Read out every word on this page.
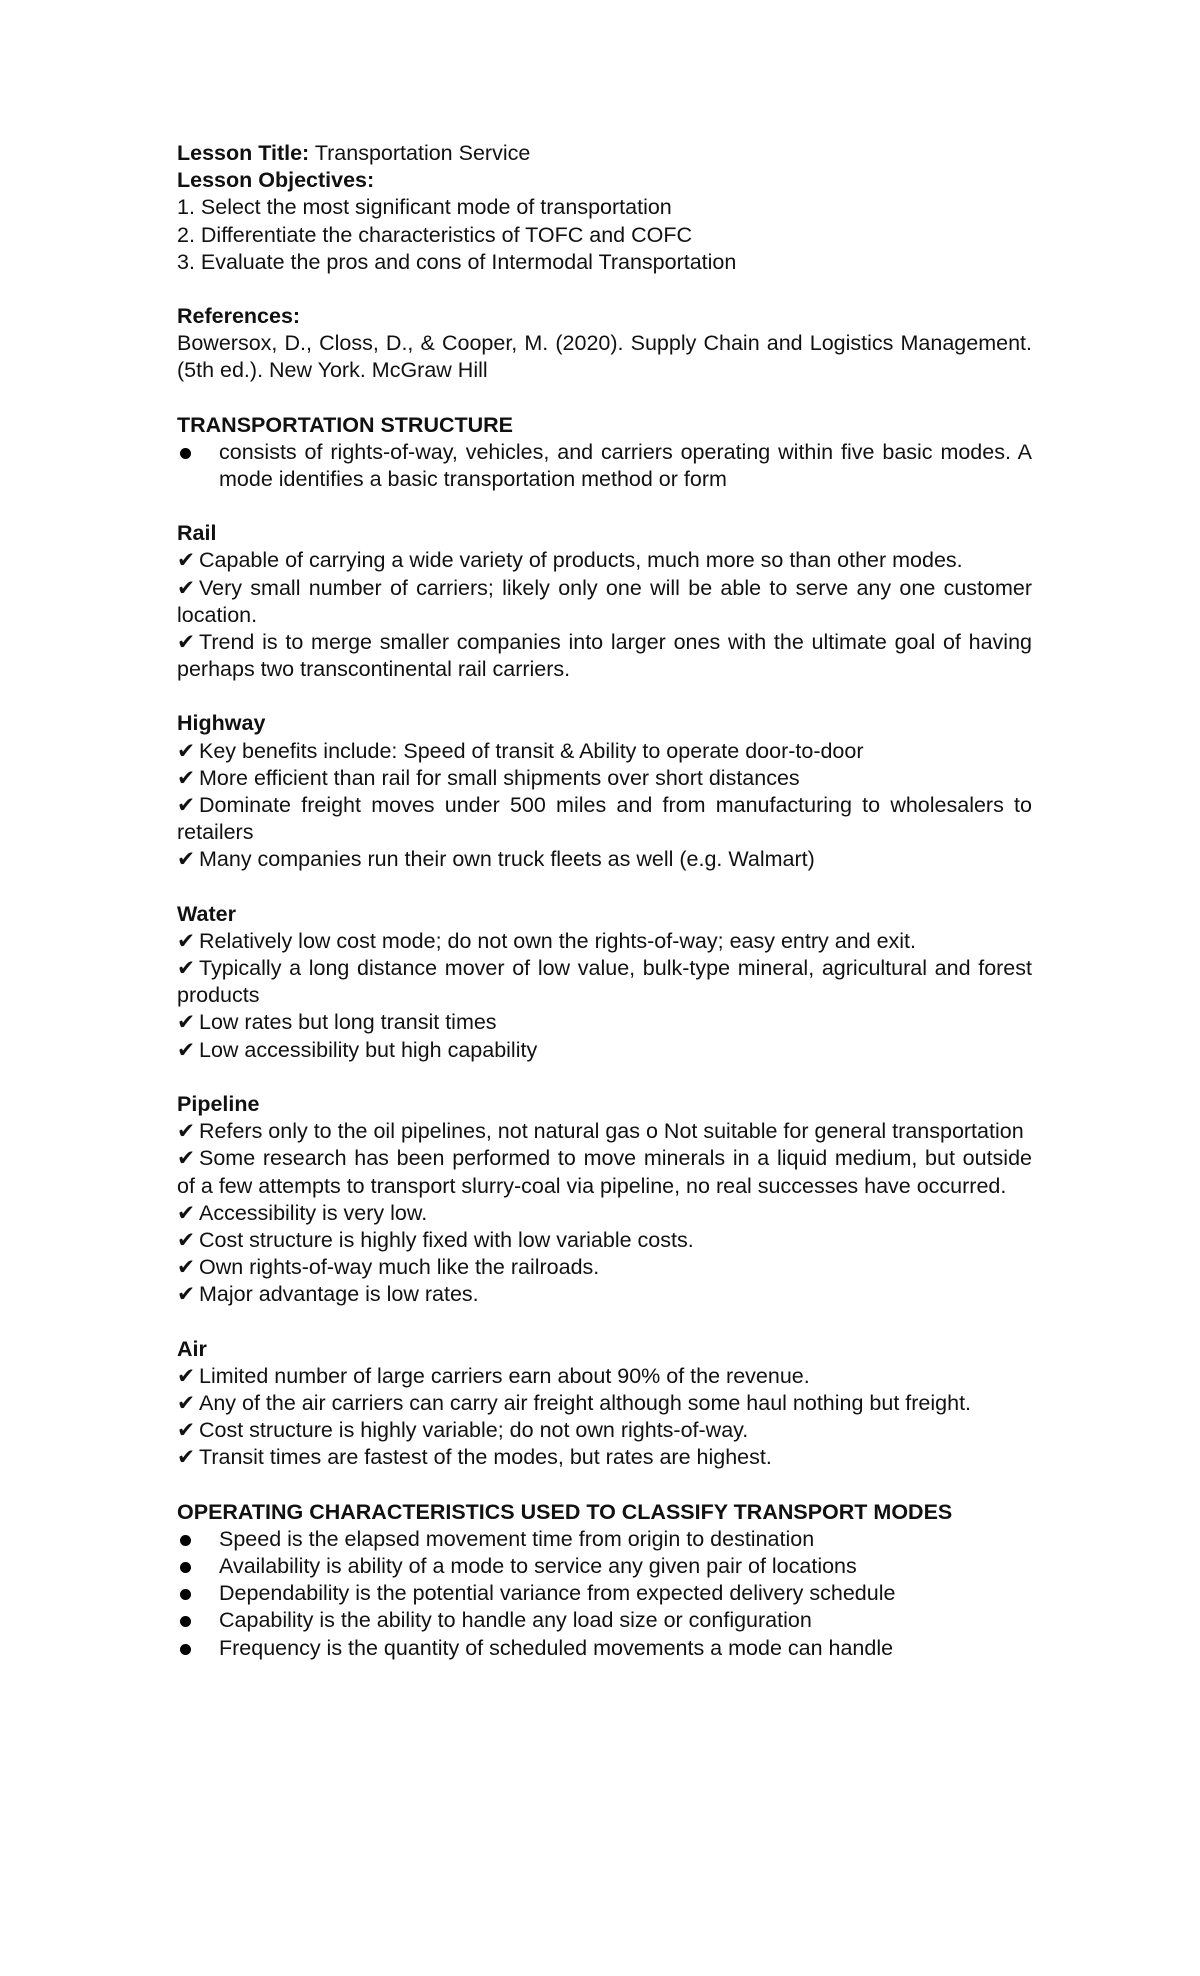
Lesson Title: Transportation Service
Lesson Objectives:
1. Select the most significant mode of transportation
2. Differentiate the characteristics of TOFC and COFC
3. Evaluate the pros and cons of Intermodal Transportation
References:
Bowersox, D., Closs, D., & Cooper, M. (2020). Supply Chain and Logistics Management. (5th ed.). New York. McGraw Hill
TRANSPORTATION STRUCTURE
consists of rights-of-way, vehicles, and carriers operating within five basic modes. A mode identifies a basic transportation method or form
Rail
✔ Capable of carrying a wide variety of products, much more so than other modes.
✔ Very small number of carriers; likely only one will be able to serve any one customer location.
✔ Trend is to merge smaller companies into larger ones with the ultimate goal of having perhaps two transcontinental rail carriers.
Highway
✔ Key benefits include: Speed of transit & Ability to operate door-to-door
✔ More efficient than rail for small shipments over short distances
✔ Dominate freight moves under 500 miles and from manufacturing to wholesalers to retailers
✔ Many companies run their own truck fleets as well (e.g. Walmart)
Water
✔ Relatively low cost mode; do not own the rights-of-way; easy entry and exit.
✔ Typically a long distance mover of low value, bulk-type mineral, agricultural and forest products
✔ Low rates but long transit times
✔ Low accessibility but high capability
Pipeline
✔ Refers only to the oil pipelines, not natural gas o Not suitable for general transportation
✔ Some research has been performed to move minerals in a liquid medium, but outside of a few attempts to transport slurry-coal via pipeline, no real successes have occurred.
✔ Accessibility is very low.
✔ Cost structure is highly fixed with low variable costs.
✔ Own rights-of-way much like the railroads.
✔ Major advantage is low rates.
Air
✔ Limited number of large carriers earn about 90% of the revenue.
✔ Any of the air carriers can carry air freight although some haul nothing but freight.
✔ Cost structure is highly variable; do not own rights-of-way.
✔ Transit times are fastest of the modes, but rates are highest.
OPERATING CHARACTERISTICS USED TO CLASSIFY TRANSPORT MODES
Speed is the elapsed movement time from origin to destination
Availability is ability of a mode to service any given pair of locations
Dependability is the potential variance from expected delivery schedule
Capability is the ability to handle any load size or configuration
Frequency is the quantity of scheduled movements a mode can handle
